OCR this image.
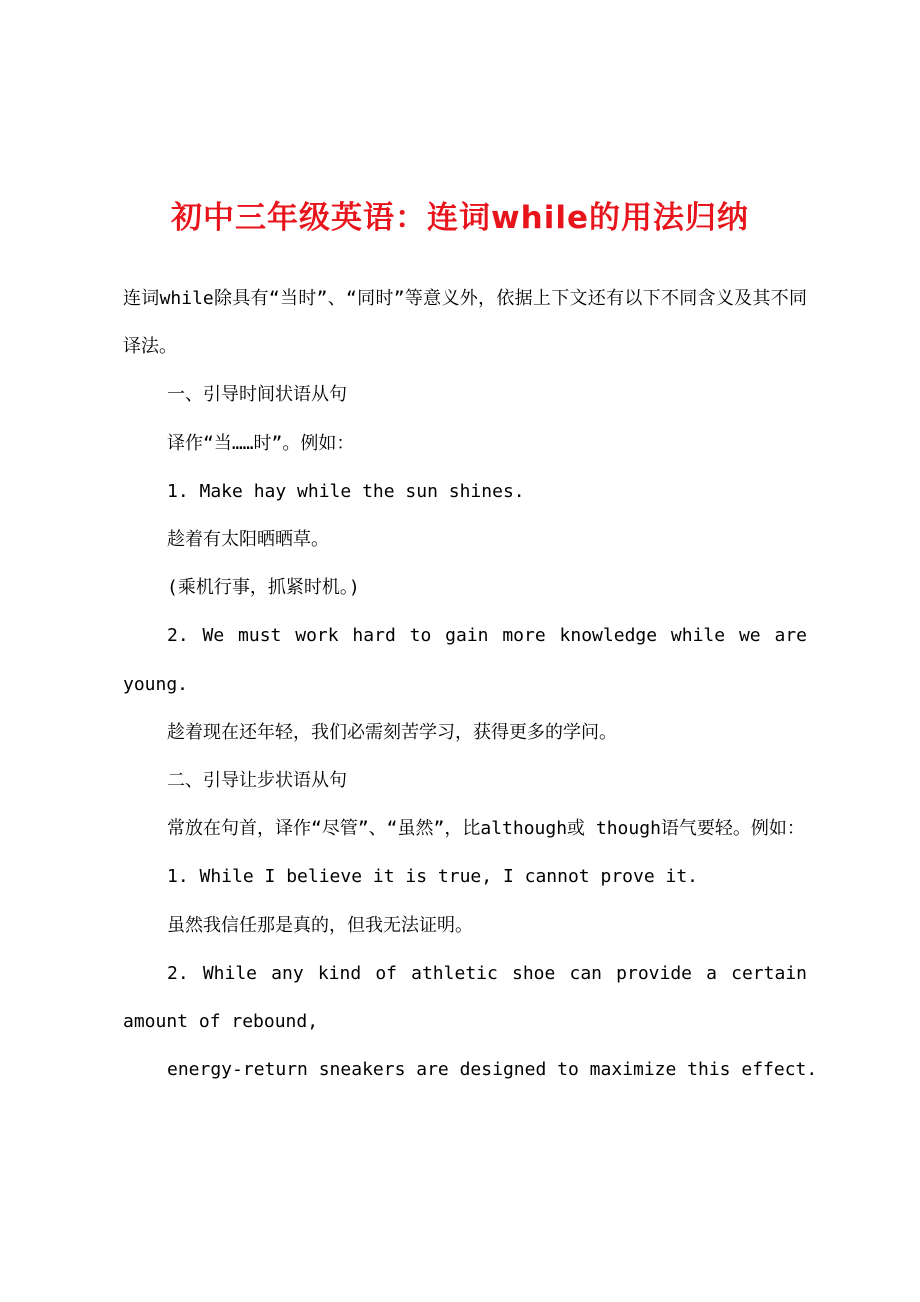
初中三年级英语：连词while的用法归纳

连词while除具有“当时”、“同时”等意义外，依据上下文还有以下不同含义及其不同译法。

一、引导时间状语从句

译作“当……时”。例如：

1. Make hay while the sun shines.

趁着有太阳晒晒草。

(乘机行事，抓紧时机。)

2. We must work hard to gain more knowledge while we are young.

趁着现在还年轻，我们必需刻苦学习，获得更多的学问。

二、引导让步状语从句

常放在句首，译作“尽管”、“虽然”，比although或 though语气要轻。例如：

1. While I believe it is true, I cannot prove it.

虽然我信任那是真的，但我无法证明。

2. While any kind of athletic shoe can provide a certain amount of rebound,

energy-return sneakers are designed to maximize this effect.
